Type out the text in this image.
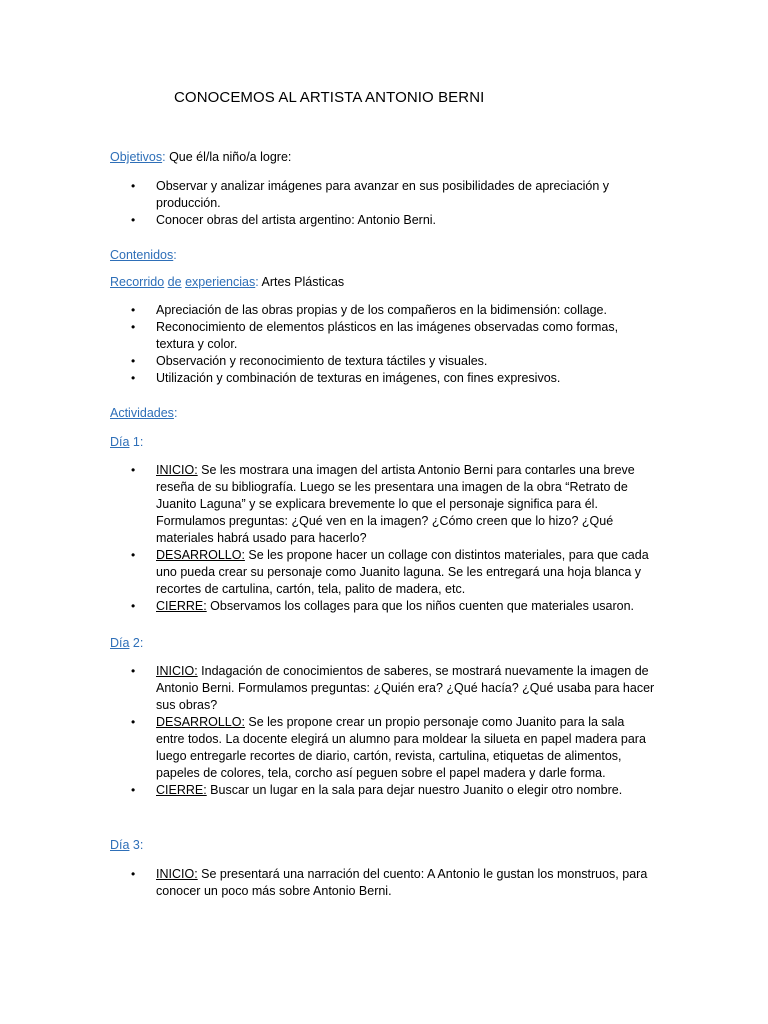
CONOCEMOS AL ARTISTA ANTONIO BERNI
Objetivos: Que él/la niño/a logre:
• Observar y analizar imágenes para avanzar en sus posibilidades de apreciación y producción.
• Conocer obras del artista argentino: Antonio Berni.
Contenidos:
Recorrido de experiencias: Artes Plásticas
• Apreciación de las obras propias y de los compañeros en la bidimensión: collage.
• Reconocimiento de elementos plásticos en las imágenes observadas como formas, textura y color.
• Observación y reconocimiento de textura táctiles y visuales.
• Utilización y combinación de texturas en imágenes, con fines expresivos.
Actividades:
Día 1:
• INICIO: Se les mostrara una imagen del artista Antonio Berni para contarles una breve reseña de su bibliografía. Luego se les presentara una imagen de la obra “Retrato de Juanito Laguna” y se explicara brevemente lo que el personaje significa para él. Formulamos preguntas: ¿Qué ven en la imagen? ¿Cómo creen que lo hizo? ¿Qué materiales habrá usado para hacerlo?
• DESARROLLO: Se les propone hacer un collage con distintos materiales, para que cada uno pueda crear su personaje como Juanito laguna. Se les entregará una hoja blanca y recortes de cartulina, cartón, tela, palito de madera, etc.
• CIERRE: Observamos los collages para que los niños cuenten que materiales usaron.
Día 2:
• INICIO: Indagación de conocimientos de saberes, se mostrará nuevamente la imagen de Antonio Berni. Formulamos preguntas: ¿Quién era? ¿Qué hacía? ¿Qué usaba para hacer sus obras?
• DESARROLLO: Se les propone crear un propio personaje como Juanito para la sala entre todos. La docente elegirá un alumno para moldear la silueta en papel madera para luego entregarle recortes de diario, cartón, revista, cartulina, etiquetas de alimentos, papeles de colores, tela, corcho así peguen sobre el papel madera y darle forma.
• CIERRE: Buscar un lugar en la sala para dejar nuestro Juanito o elegir otro nombre.
Día 3:
• INICIO: Se presentará una narración del cuento: A Antonio le gustan los monstruos, para conocer un poco más sobre Antonio Berni.
